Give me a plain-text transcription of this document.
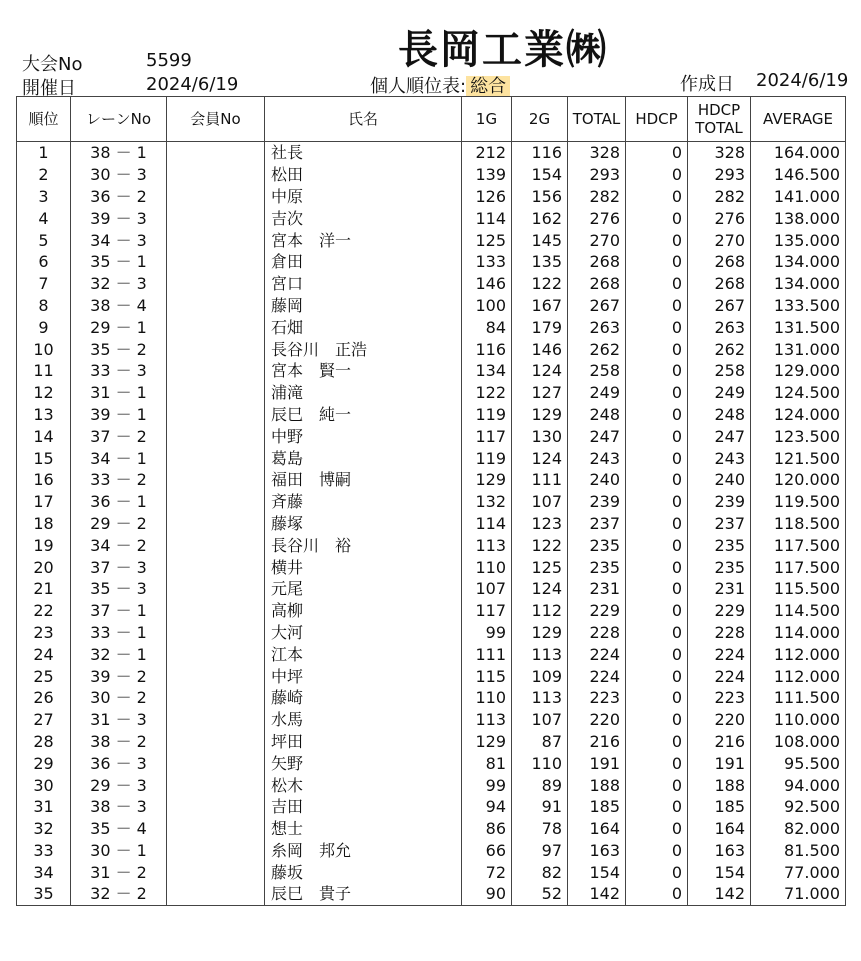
長岡工業㈱
大会No	5599
開催日	2024/6/19	個人順位表: 総合	作成日 2024/6/19
順位	レーンNo	会員No	氏名	1G	2G	TOTAL	HDCP	HDCP
TOTAL	AVERAGE
1	38 － 1		社長	212	116	328	0	328	164.000
2	30 － 3		松田	139	154	293	0	293	146.500
3	36 － 2		中原	126	156	282	0	282	141.000
4	39 － 3		吉次	114	162	276	0	276	138.000
5	34 － 3		宮本　洋一	125	145	270	0	270	135.000
6	35 － 1		倉田	133	135	268	0	268	134.000
7	32 － 3		宮口	146	122	268	0	268	134.000
8	38 － 4		藤岡	100	167	267	0	267	133.500
9	29 － 1		石畑	84	179	263	0	263	131.500
10	35 － 2		長谷川　正浩	116	146	262	0	262	131.000
11	33 － 3		宮本　賢一	134	124	258	0	258	129.000
12	31 － 1		浦滝	122	127	249	0	249	124.500
13	39 － 1		辰巳　純一	119	129	248	0	248	124.000
14	37 － 2		中野	117	130	247	0	247	123.500
15	34 － 1		葛島	119	124	243	0	243	121.500
16	33 － 2		福田　博嗣	129	111	240	0	240	120.000
17	36 － 1		斉藤	132	107	239	0	239	119.500
18	29 － 2		藤塚	114	123	237	0	237	118.500
19	34 － 2		長谷川　裕	113	122	235	0	235	117.500
20	37 － 3		横井	110	125	235	0	235	117.500
21	35 － 3		元尾	107	124	231	0	231	115.500
22	37 － 1		高柳	117	112	229	0	229	114.500
23	33 － 1		大河	99	129	228	0	228	114.000
24	32 － 1		江本	111	113	224	0	224	112.000
25	39 － 2		中坪	115	109	224	0	224	112.000
26	30 － 2		藤崎	110	113	223	0	223	111.500
27	31 － 3		水馬	113	107	220	0	220	110.000
28	38 － 2		坪田	129	87	216	0	216	108.000
29	36 － 3		矢野	81	110	191	0	191	95.500
30	29 － 3		松木	99	89	188	0	188	94.000
31	38 － 3		吉田	94	91	185	0	185	92.500
32	35 － 4		想士	86	78	164	0	164	82.000
33	30 － 1		糸岡　邦允	66	97	163	0	163	81.500
34	31 － 2		藤坂	72	82	154	0	154	77.000
35	32 － 2		辰巳　貴子	90	52	142	0	142	71.000
